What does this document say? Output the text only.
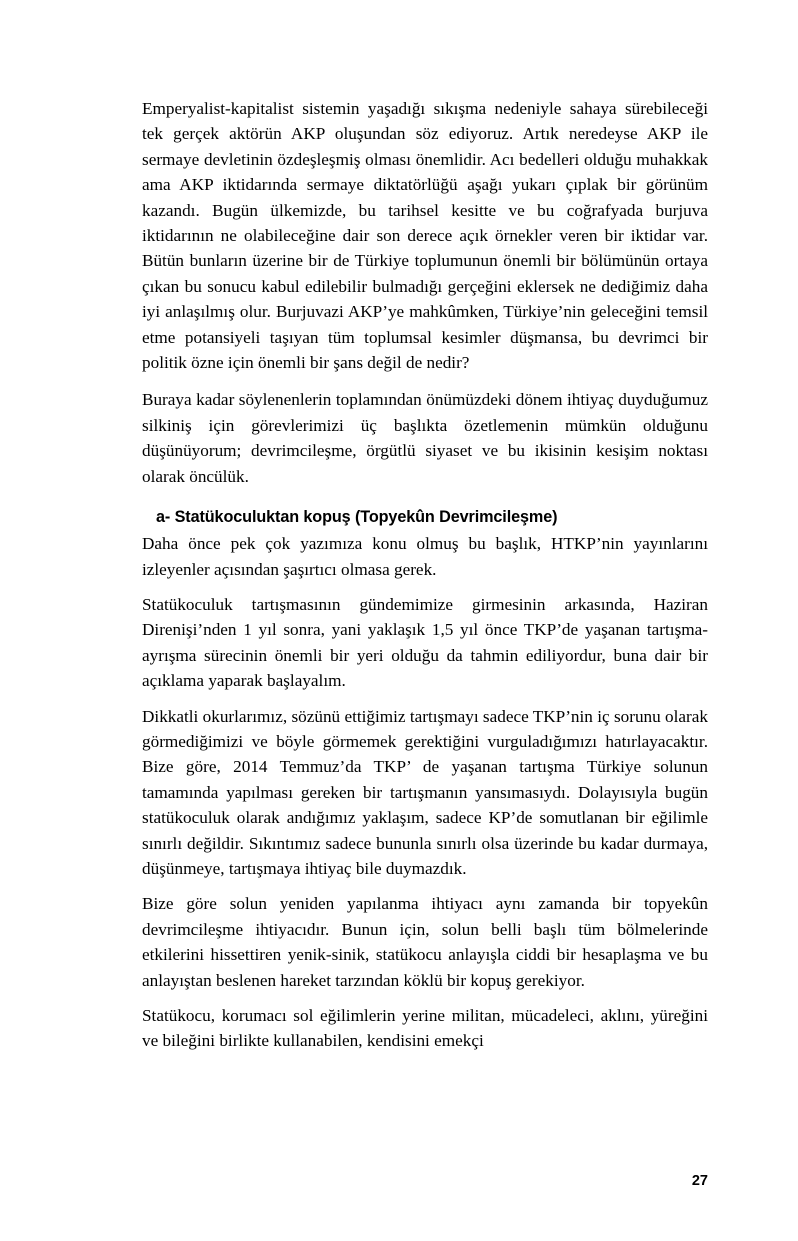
Emperyalist-kapitalist sistemin yaşadığı sıkışma nedeniyle sahaya sürebileceği tek gerçek aktörün AKP oluşundan söz ediyoruz. Artık neredeyse AKP ile sermaye devletinin özdeşleşmiş olması önemlidir. Acı bedelleri olduğu muhakkak ama AKP iktidarında sermaye diktatörlüğü aşağı yukarı çıplak bir görünüm kazandı. Bugün ülkemizde, bu tarihsel kesitte ve bu coğrafyada burjuva iktidarının ne olabileceğine dair son derece açık örnekler veren bir iktidar var. Bütün bunların üzerine bir de Türkiye toplumunun önemli bir bölümünün ortaya çıkan bu sonucu kabul edilebilir bulmadığı gerçeğini eklersek ne dediğimiz daha iyi anlaşılmış olur. Burjuvazi AKP’ye mahkûmken, Türkiye’nin geleceğini temsil etme potansiyeli taşıyan tüm toplumsal kesimler düşmansa, bu devrimci bir politik özne için önemli bir şans değil de nedir?

Buraya kadar söylenenlerin toplamından önümüzdeki dönem ihtiyaç duyduğumuz silkiniş için görevlerimizi üç başlıkta özetlemenin mümkün olduğunu düşünüyorum; devrimcileşme, örgütlü siyaset ve bu ikisinin kesişim noktası olarak öncülük.

a- Statükoculuktan kopuş (Topyekûn Devrimcileşme)

Daha önce pek çok yazımıza konu olmuş bu başlık, HTKP’nin yayınlarını izleyenler açısından şaşırtıcı olmasa gerek.

Statükoculuk tartışmasının gündemimize girmesinin arkasında, Haziran Direnişi’nden 1 yıl sonra, yani yaklaşık 1,5 yıl önce TKP’de yaşanan tartışma-ayrışma sürecinin önemli bir yeri olduğu da tahmin ediliyordur, buna dair bir açıklama yaparak başlayalım.

Dikkatli okurlarımız, sözünü ettiğimiz tartışmayı sadece TKP’nin iç sorunu olarak görmediğimizi ve böyle görmemek gerektiğini vurguladığımızı hatırlayacaktır. Bize göre, 2014 Temmuz’da TKP’ de yaşanan tartışma Türkiye solunun tamamında yapılması gereken bir tartışmanın yansımasıydı. Dolayısıyla bugün statükoculuk olarak andığımız yaklaşım, sadece KP’de somutlanan bir eğilimle sınırlı değildir. Sıkıntımız sadece bununla sınırlı olsa üzerinde bu kadar durmaya, düşünmeye, tartışmaya ihtiyaç bile duymazdık.

Bize göre solun yeniden yapılanma ihtiyacı aynı zamanda bir topyekûn devrimcileşme ihtiyacıdır. Bunun için, solun belli başlı tüm bölmelerinde etkilerini hissettiren yenik-sinik, statükocu anlayışla ciddi bir hesaplaşma ve bu anlayıştan beslenen hareket tarzından köklü bir kopuş gerekiyor.

Statükocu, korumacı sol eğilimlerin yerine militan, mücadeleci, aklını, yüreğini ve bileğini birlikte kullanabilen, kendisini emekçi

27
